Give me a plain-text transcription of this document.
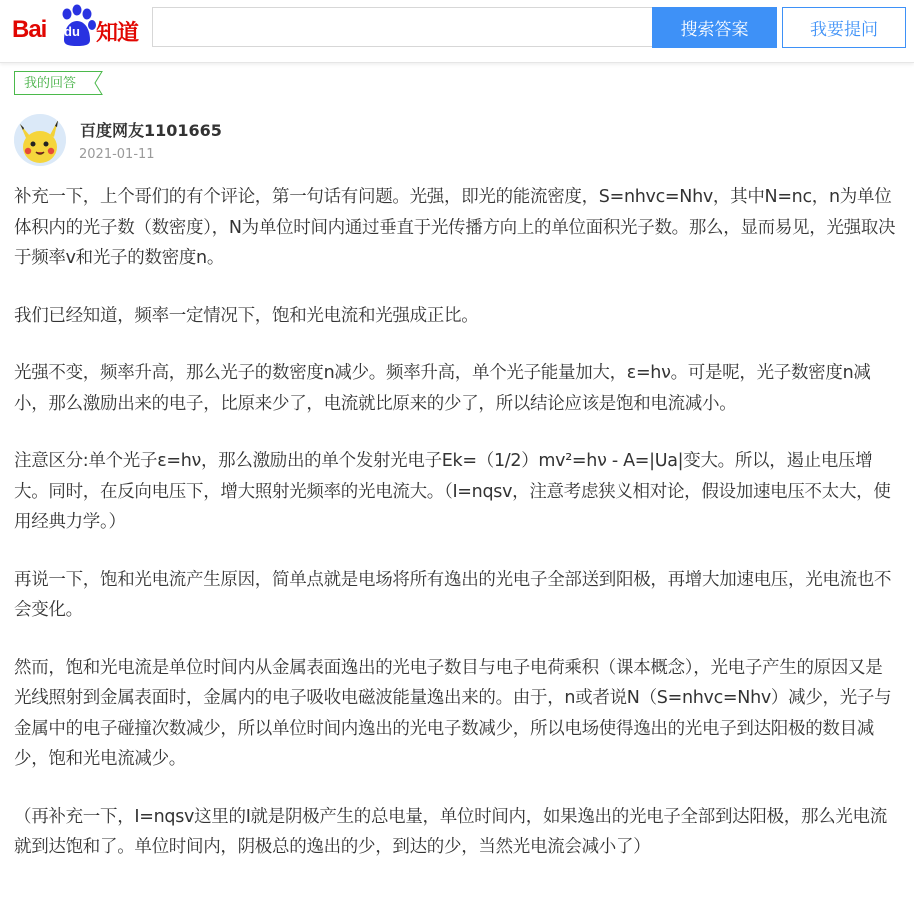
Bai du 知道	搜索答案	我要提问
我的回答
百度网友1101665
2021-01-11

补充一下，上个哥们的有个评论，第一句话有问题。光强，即光的能流密度，S=nhvc=Nhv，其中N=nc，n为单位体积内的光子数（数密度），N为单位时间内通过垂直于光传播方向上的单位面积光子数。那么，显而易见，光强取决于频率v和光子的数密度n。

我们已经知道，频率一定情况下，饱和光电流和光强成正比。

光强不变，频率升高，那么光子的数密度n减少。频率升高，单个光子能量加大，ε=hν。可是呢，光子数密度n减小，那么激励出来的电子，比原来少了，电流就比原来的少了，所以结论应该是饱和电流减小。

注意区分:单个光子ε=hν，那么激励出的单个发射光电子Ek=（1/2）mv²=hν - A=|Ua|变大。所以，遏止电压增大。同时，在反向电压下，增大照射光频率的光电流大。（I=nqsv，注意考虑狭义相对论，假设加速电压不太大，使用经典力学。）

再说一下，饱和光电流产生原因，简单点就是电场将所有逸出的光电子全部送到阳极，再增大加速电压，光电流也不会变化。

然而，饱和光电流是单位时间内从金属表面逸出的光电子数目与电子电荷乘积（课本概念），光电子产生的原因又是光线照射到金属表面时，金属内的电子吸收电磁波能量逸出来的。由于，n或者说N（S=nhvc=Nhv）减少，光子与金属中的电子碰撞次数减少，所以单位时间内逸出的光电子数减少，所以电场使得逸出的光电子到达阳极的数目减少，饱和光电流减少。

（再补充一下，I=nqsv这里的I就是阴极产生的总电量，单位时间内，如果逸出的光电子全部到达阳极，那么光电流就到达饱和了。单位时间内，阴极总的逸出的少，到达的少，当然光电流会减小了）
